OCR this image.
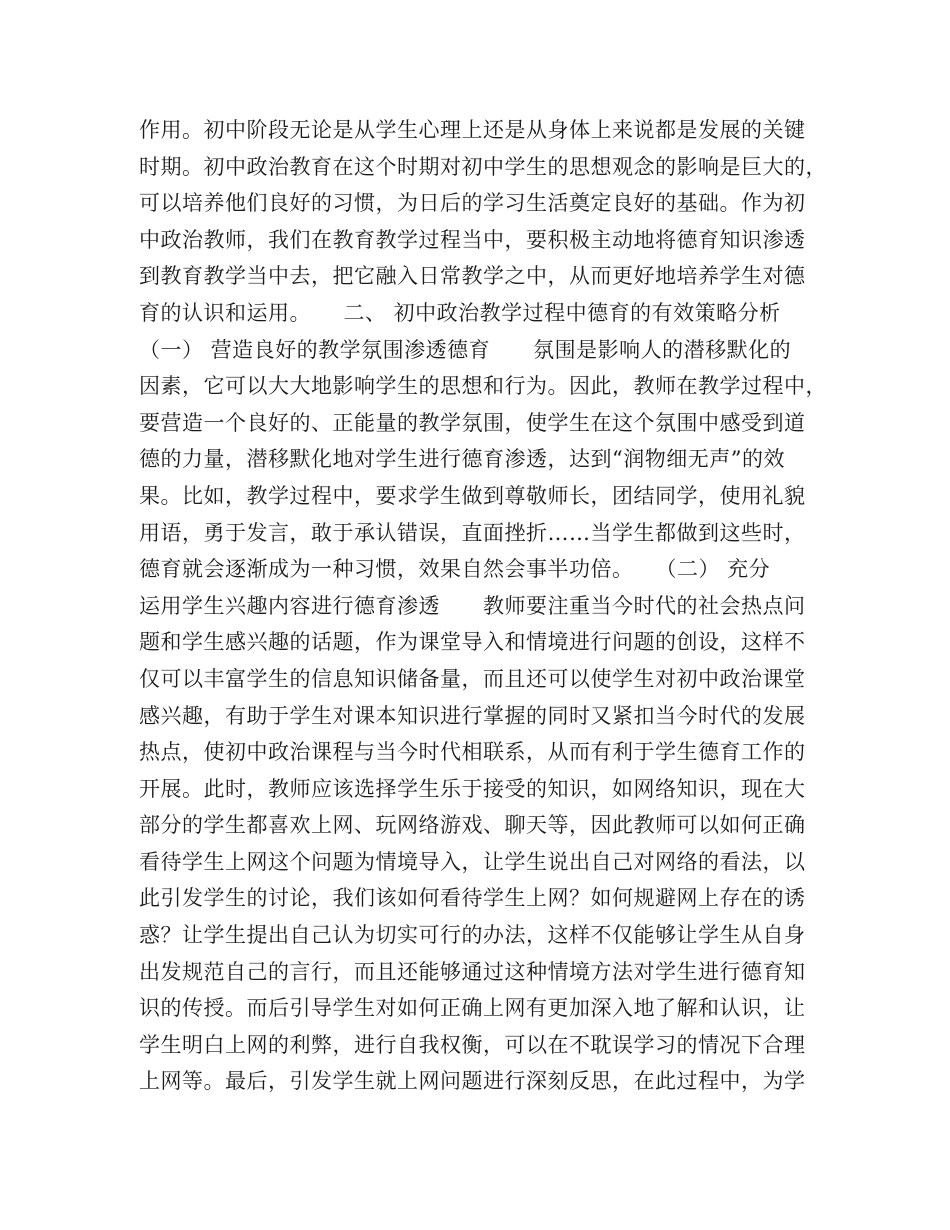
作用。初中阶段无论是从学生心理上还是从身体上来说都是发展的关键
时期。初中政治教育在这个时期对初中学生的思想观念的影响是巨大的，
可以培养他们良好的习惯，为日后的学习生活奠定良好的基础。作为初
中政治教师，我们在教育教学过程当中，要积极主动地将德育知识渗透
到教育教学当中去，把它融入日常教学之中，从而更好地培养学生对德
育的认识和运用。　　二、 初中政治教学过程中德育的有效策略分析
（一） 营造良好的教学氛围渗透德育　　氛围是影响人的潜移默化的
因素，它可以大大地影响学生的思想和行为。因此，教师在教学过程中，
要营造一个良好的、正能量的教学氛围，使学生在这个氛围中感受到道
德的力量，潜移默化地对学生进行德育渗透，达到“润物细无声”的效
果。比如，教学过程中，要求学生做到尊敬师长，团结同学，使用礼貌
用语，勇于发言，敢于承认错误，直面挫折……当学生都做到这些时，
德育就会逐渐成为一种习惯，效果自然会事半功倍。　　（二） 充分
运用学生兴趣内容进行德育渗透　　教师要注重当今时代的社会热点问
题和学生感兴趣的话题，作为课堂导入和情境进行问题的创设，这样不
仅可以丰富学生的信息知识储备量，而且还可以使学生对初中政治课堂
感兴趣，有助于学生对课本知识进行掌握的同时又紧扣当今时代的发展
热点，使初中政治课程与当今时代相联系，从而有利于学生德育工作的
开展。此时，教师应该选择学生乐于接受的知识，如网络知识，现在大
部分的学生都喜欢上网、玩网络游戏、聊天等，因此教师可以如何正确
看待学生上网这个问题为情境导入，让学生说出自己对网络的看法，以
此引发学生的讨论，我们该如何看待学生上网？如何规避网上存在的诱
惑？让学生提出自己认为切实可行的办法，这样不仅能够让学生从自身
出发规范自己的言行，而且还能够通过这种情境方法对学生进行德育知
识的传授。而后引导学生对如何正确上网有更加深入地了解和认识，让
学生明白上网的利弊，进行自我权衡，可以在不耽误学习的情况下合理
上网等。最后，引发学生就上网问题进行深刻反思，在此过程中，为学
